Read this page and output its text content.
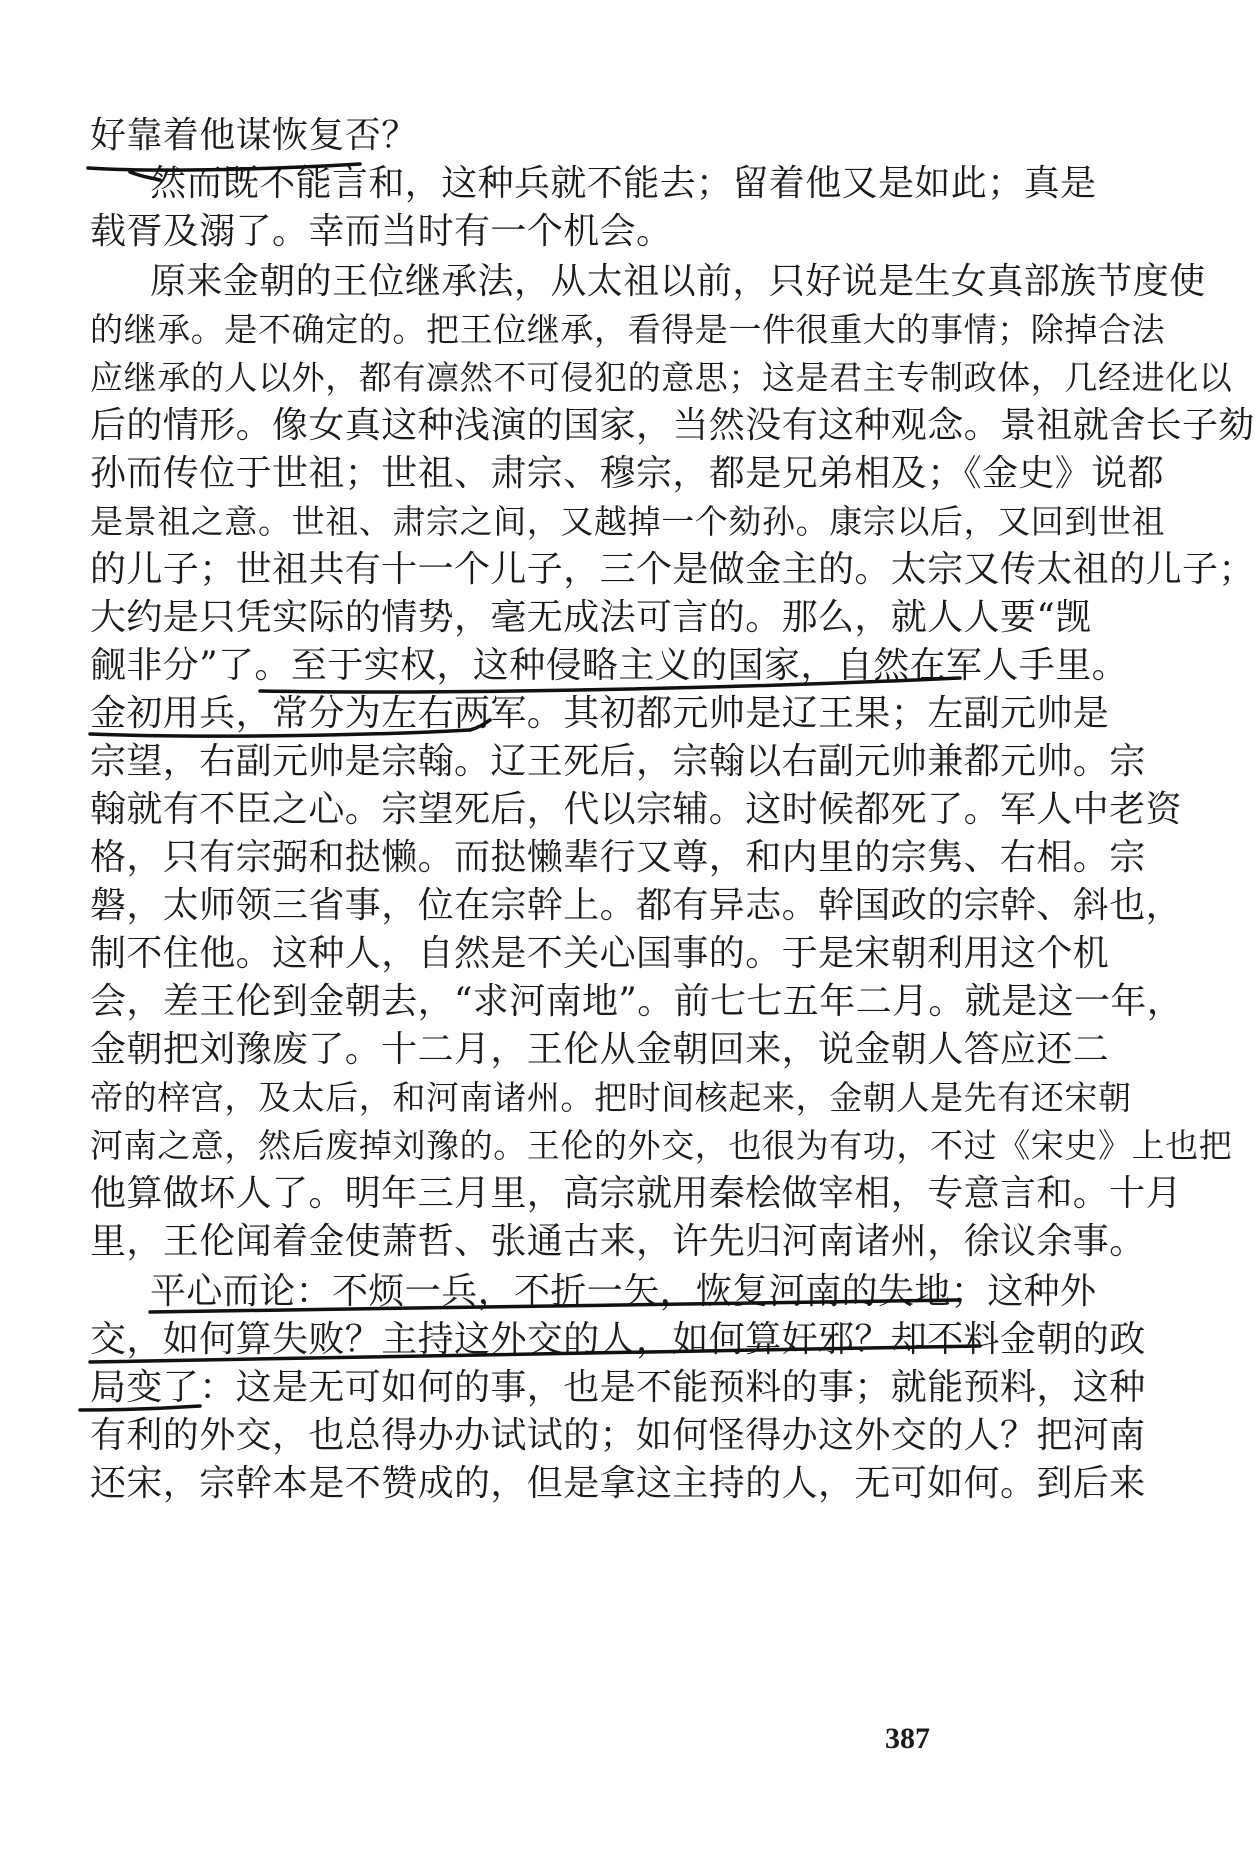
好靠着他谋恢复否？
然而既不能言和，这种兵就不能去；留着他又是如此；真是
载胥及溺了。幸而当时有一个机会。
原来金朝的王位继承法，从太祖以前，只好说是生女真部族节度使
的继承。是不确定的。把王位继承，看得是一件很重大的事情；除掉合法
应继承的人以外，都有凛然不可侵犯的意思；这是君主专制政体，几经进化以
后的情形。像女真这种浅演的国家，当然没有这种观念。景祖就舍长子劾
孙而传位于世祖；世祖、肃宗、穆宗，都是兄弟相及；《金史》说都
是景祖之意。世祖、肃宗之间，又越掉一个劾孙。康宗以后，又回到世祖
的儿子；世祖共有十一个儿子，三个是做金主的。太宗又传太祖的儿子；
大约是只凭实际的情势，毫无成法可言的。那么，就人人要“觊
觎非分”了。至于实权，这种侵略主义的国家，自然在军人手里。
金初用兵，常分为左右两军。其初都元帅是辽王果；左副元帅是
宗望，右副元帅是宗翰。辽王死后，宗翰以右副元帅兼都元帅。宗
翰就有不臣之心。宗望死后，代以宗辅。这时候都死了。军人中老资
格，只有宗弼和挞懒。而挞懒辈行又尊，和内里的宗隽、右相。宗
磐，太师领三省事，位在宗幹上。都有异志。幹国政的宗幹、斜也，
制不住他。这种人，自然是不关心国事的。于是宋朝利用这个机
会，差王伦到金朝去，“求河南地”。前七七五年二月。就是这一年，
金朝把刘豫废了。十二月，王伦从金朝回来，说金朝人答应还二
帝的梓宫，及太后，和河南诸州。把时间核起来，金朝人是先有还宋朝
河南之意，然后废掉刘豫的。王伦的外交，也很为有功，不过《宋史》上也把
他算做坏人了。明年三月里，高宗就用秦桧做宰相，专意言和。十月
里，王伦闻着金使萧哲、张通古来，许先归河南诸州，徐议余事。
平心而论：不烦一兵，不折一矢，恢复河南的失地；这种外
交，如何算失败？主持这外交的人，如何算奸邪？却不料金朝的政
局变了：这是无可如何的事，也是不能预料的事；就能预料，这种
有利的外交，也总得办办试试的；如何怪得办这外交的人？把河南
还宋，宗幹本是不赞成的，但是拿这主持的人，无可如何。到后来
387
